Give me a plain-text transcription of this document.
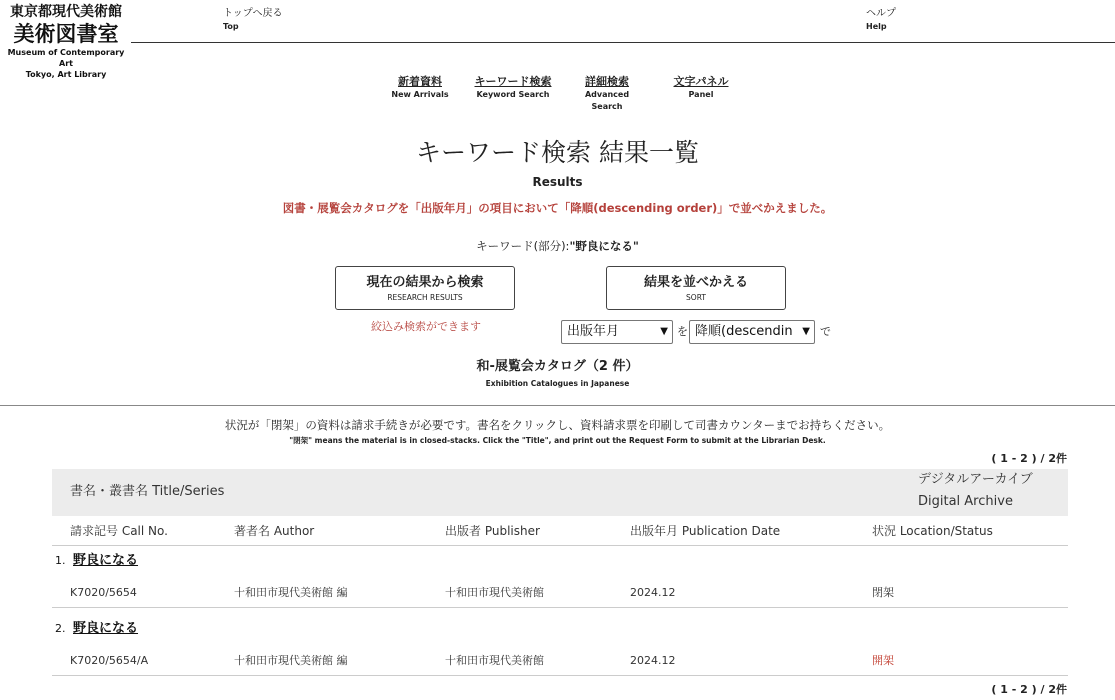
東京都現代美術館
美術図書室
Museum of Contemporary Art
Tokyo, Art Library
トップへ戻る
Top
ヘルプ
Help
新着資料
New Arrivals
キーワード検索
Keyword Search
詳細検索
Advanced Search
文字パネル
Panel
キーワード検索 結果一覧
Results
図書・展覧会カタログを「出版年月」の項目において「降順(descending order)」で並べかえました。
キーワード(部分):"野良になる"
現在の結果から検索
RESEARCH RESULTS
結果を並べかえる
SORT
絞込み検索ができます	出版年月	▼ を 降順(descendin ▼ で
和-展覧会カタログ（2 件）
Exhibition Catalogues in Japanese
状況が「閉架」の資料は請求手続きが必要です。書名をクリックし、資料請求票を印刷して司書カウンターまでお持ちください。
"閉架" means the material is in closed-stacks. Click the "Title", and print out the Request Form to submit at the Librarian Desk.
( 1 - 2 ) / 2件
書名・叢書名 Title/Series
デジタルアーカイブ
Digital Archive
請求記号 Call No.	著者名 Author	出版者 Publisher	出版年月 Publication Date	状況 Location/Status
1. 野良になる
K7020/5654	十和田市現代美術館 編	十和田市現代美術館	2024.12	閉架
2. 野良になる
K7020/5654/A	十和田市現代美術館 編	十和田市現代美術館	2024.12	開架
( 1 - 2 ) / 2件
